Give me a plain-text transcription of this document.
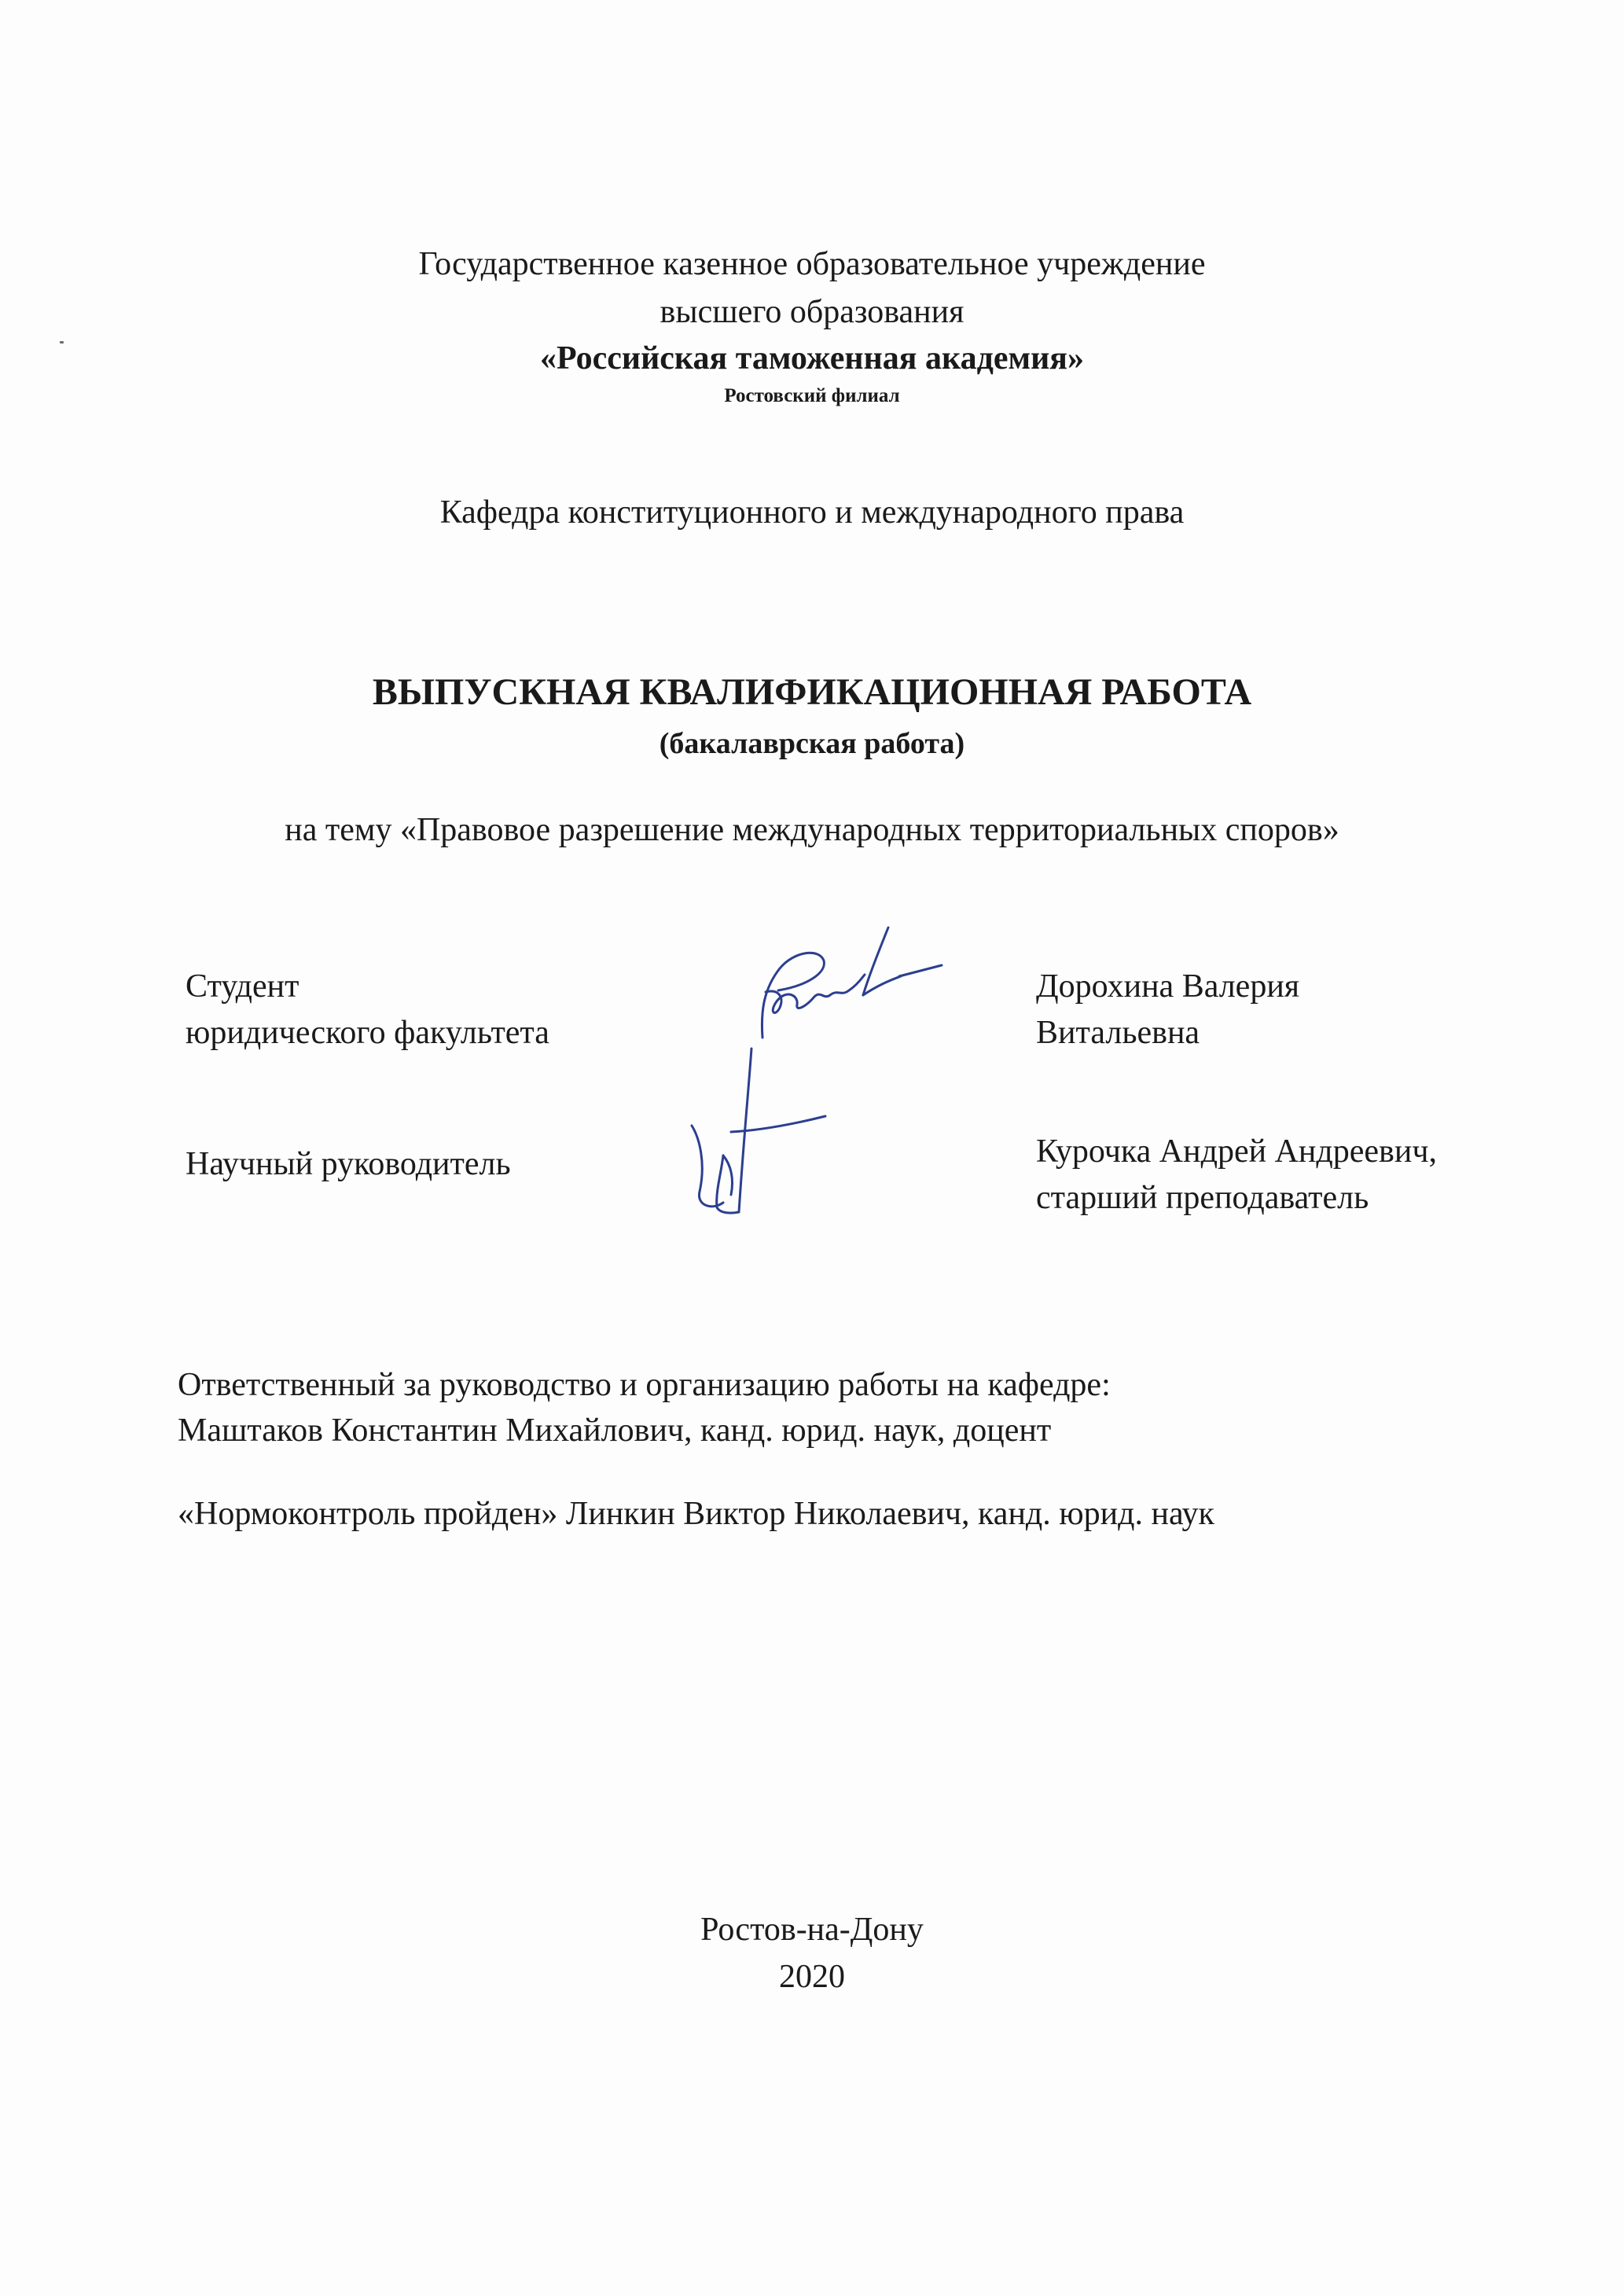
Государственное казенное образовательное учреждение
высшего образования
«Российская таможенная академия»
Ростовский филиал
Кафедра конституционного и международного права
ВЫПУСКНАЯ КВАЛИФИКАЦИОННАЯ РАБОТА
(бакалаврская работа)
на тему «Правовое разрешение международных территориальных споров»
Студент
юридического факультета
Дорохина Валерия
Витальевна
Научный руководитель	Курочка Андрей Андреевич,
старший преподаватель
Ответственный за руководство и организацию работы на кафедре:
Маштаков Константин Михайлович, канд. юрид. наук, доцент
«Нормоконтроль пройден» Линкин Виктор Николаевич, канд. юрид. наук
Ростов-на-Дону
2020
